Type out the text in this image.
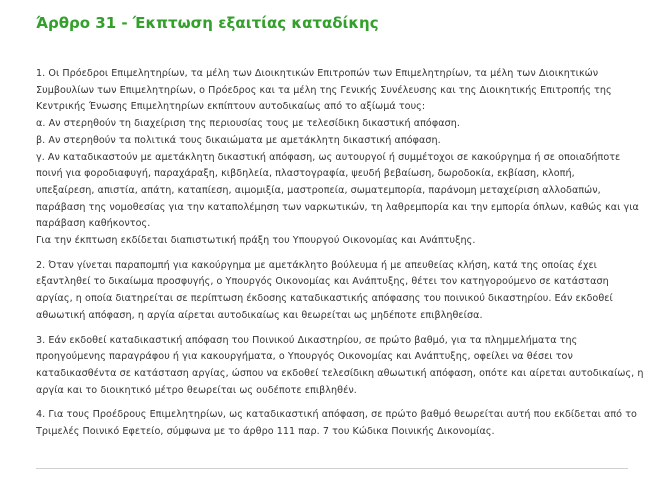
Άρθρο 31 - Έκπτωση εξαιτίας καταδίκης

1. Οι Πρόεδροι Επιμελητηρίων, τα μέλη των Διοικητικών Επιτροπών των Επιμελητηρίων, τα μέλη των Διοικητικών
Συμβουλίων των Επιμελητηρίων, ο Πρόεδρος και τα μέλη της Γενικής Συνέλευσης και της Διοικητικής Επιτροπής της
Κεντρικής Ένωσης Επιμελητηρίων εκπίπτουν αυτοδικαίως από το αξίωμά τους:
α. Αν στερηθούν τη διαχείριση της περιουσίας τους με τελεσίδικη δικαστική απόφαση.
β. Αν στερηθούν τα πολιτικά τους δικαιώματα με αμετάκλητη δικαστική απόφαση.
γ. Αν καταδικαστούν με αμετάκλητη δικαστική απόφαση, ως αυτουργοί ή συμμέτοχοι σε κακούργημα ή σε οποιαδήποτε
ποινή για φοροδιαφυγή, παραχάραξη, κιβδηλεία, πλαστογραφία, ψευδή βεβαίωση, δωροδοκία, εκβίαση, κλοπή,
υπεξαίρεση, απιστία, απάτη, καταπίεση, αιμομιξία, μαστροπεία, σωματεμπορία, παράνομη μεταχείριση αλλοδαπών,
παράβαση της νομοθεσίας για την καταπολέμηση των ναρκωτικών, τη λαθρεμπορία και την εμπορία όπλων, καθώς και για
παράβαση καθήκοντος.
Για την έκπτωση εκδίδεται διαπιστωτική πράξη του Υπουργού Οικονομίας και Ανάπτυξης.

2. Όταν γίνεται παραπομπή για κακούργημα με αμετάκλητο βούλευμα ή με απευθείας κλήση, κατά της οποίας έχει
εξαντληθεί το δικαίωμα προσφυγής, ο Υπουργός Οικονομίας και Ανάπτυξης, θέτει τον κατηγορούμενο σε κατάσταση
αργίας, η οποία διατηρείται σε περίπτωση έκδοσης καταδικαστικής απόφασης του ποινικού δικαστηρίου. Εάν εκδοθεί
αθωωτική απόφαση, η αργία αίρεται αυτοδικαίως και θεωρείται ως μηδέποτε επιβληθείσα.

3. Εάν εκδοθεί καταδικαστική απόφαση του Ποινικού Δικαστηρίου, σε πρώτο βαθμό, για τα πλημμελήματα της
προηγούμενης παραγράφου ή για κακουργήματα, ο Υπουργός Οικονομίας και Ανάπτυξης, οφείλει να θέσει τον
καταδικασθέντα σε κατάσταση αργίας, ώσπου να εκδοθεί τελεσίδικη αθωωτική απόφαση, οπότε και αίρεται αυτοδικαίως, η
αργία και το διοικητικό μέτρο θεωρείται ως ουδέποτε επιβληθέν.

4. Για τους Προέδρους Επιμελητηρίων, ως καταδικαστική απόφαση, σε πρώτο βαθμό θεωρείται αυτή που εκδίδεται από το
Τριμελές Ποινικό Εφετείο, σύμφωνα με το άρθρο 111 παρ. 7 του Κώδικα Ποινικής Δικονομίας.
